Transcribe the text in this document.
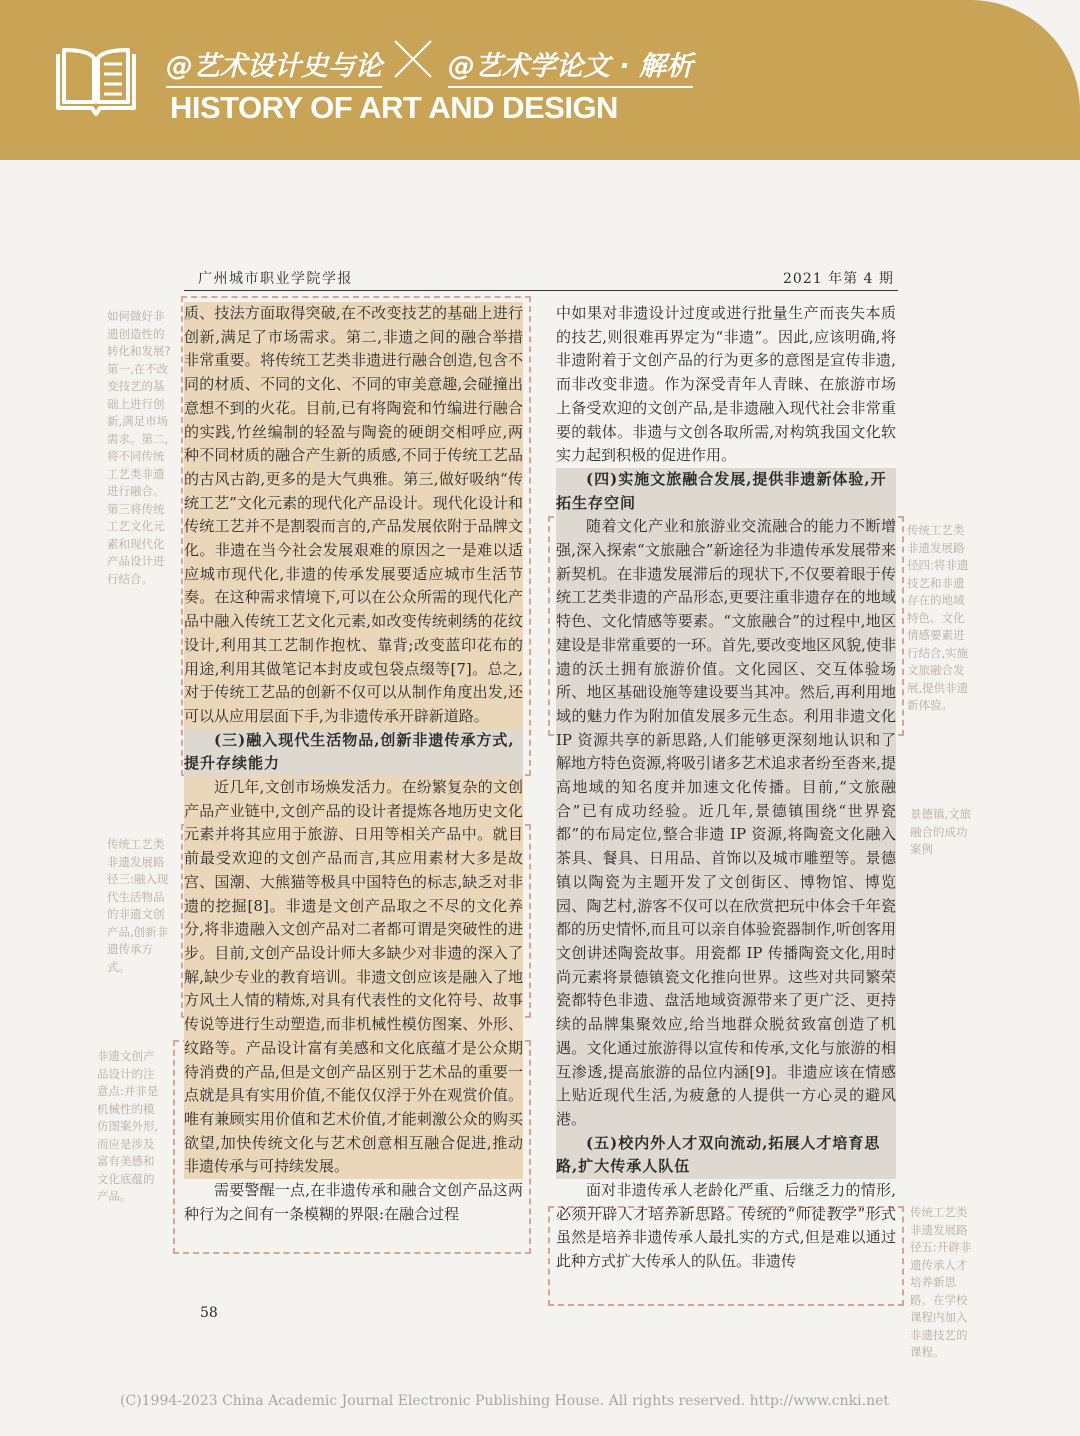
@艺术设计史与论 @艺术学论文 · 解析
HISTORY OF ART AND DESIGN
广州城市职业学院学报	2021 年第 4 期

质、技法方面取得突破,在不改变技艺的基础上进行创新,满足了市场需求。第二,非遗之间的融合举措非常重要。将传统工艺类非遗进行融合创造,包含不同的材质、不同的文化、不同的审美意趣,会碰撞出意想不到的火花。目前,已有将陶瓷和竹编进行融合的实践,竹丝编制的轻盈与陶瓷的硬朗交相呼应,两种不同材质的融合产生新的质感,不同于传统工艺品的古风古韵,更多的是大气典雅。第三,做好吸纳“传统工艺”文化元素的现代化产品设计。现代化设计和传统工艺并不是割裂而言的,产品发展依附于品牌文化。非遗在当今社会发展艰难的原因之一是难以适应城市现代化,非遗的传承发展要适应城市生活节奏。在这种需求情境下,可以在公众所需的现代化产品中融入传统工艺文化元素,如改变传统刺绣的花纹设计,利用其工艺制作抱枕、靠背;改变蓝印花布的用途,利用其做笔记本封皮或包袋点缀等[7]。总之,对于传统工艺品的创新不仅可以从制作角度出发,还可以从应用层面下手,为非遗传承开辟新道路。

(三)融入现代生活物品,创新非遗传承方式,提升存续能力

近几年,文创市场焕发活力。在纷繁复杂的文创产品产业链中,文创产品的设计者提炼各地历史文化元素并将其应用于旅游、日用等相关产品中。就目前最受欢迎的文创产品而言,其应用素材大多是故宫、国潮、大熊猫等极具中国特色的标志,缺乏对非遗的挖掘[8]。非遗是文创产品取之不尽的文化养分,将非遗融入文创产品对二者都可谓是突破性的进步。目前,文创产品设计师大多缺少对非遗的深入了解,缺少专业的教育培训。非遗文创应该是融入了地方风土人情的精炼,对具有代表性的文化符号、故事传说等进行生动塑造,而非机械性模仿图案、外形、纹路等。产品设计富有美感和文化底蕴才是公众期待消费的产品,但是文创产品区别于艺术品的重要一点就是具有实用价值,不能仅仅浮于外在观赏价值。唯有兼顾实用价值和艺术价值,才能刺激公众的购买欲望,加快传统文化与艺术创意相互融合促进,推动非遗传承与可持续发展。

需要警醒一点,在非遗传承和融合文创产品这两种行为之间有一条模糊的界限:在融合过程

中如果对非遗设计过度或进行批量生产而丧失本质的技艺,则很难再界定为“非遗”。因此,应该明确,将非遗附着于文创产品的行为更多的意图是宣传非遗,而非改变非遗。作为深受青年人青睐、在旅游市场上备受欢迎的文创产品,是非遗融入现代社会非常重要的载体。非遗与文创各取所需,对构筑我国文化软实力起到积极的促进作用。

(四)实施文旅融合发展,提供非遗新体验,开拓生存空间

随着文化产业和旅游业交流融合的能力不断增强,深入探索“文旅融合”新途径为非遗传承发展带来新契机。在非遗发展滞后的现状下,不仅要着眼于传统工艺类非遗的产品形态,更要注重非遗存在的地域特色、文化情感等要素。“文旅融合”的过程中,地区建设是非常重要的一环。首先,要改变地区风貌,使非遗的沃土拥有旅游价值。文化园区、交互体验场所、地区基础设施等建设要当其冲。然后,再利用地域的魅力作为附加值发展多元生态。利用非遗文化 IP 资源共享的新思路,人们能够更深刻地认识和了解地方特色资源,将吸引诸多艺术追求者纷至沓来,提高地域的知名度并加速文化传播。目前,“文旅融合”已有成功经验。近几年,景德镇围绕“世界瓷都”的布局定位,整合非遗 IP 资源,将陶瓷文化融入茶具、餐具、日用品、首饰以及城市雕塑等。景德镇以陶瓷为主题开发了文创街区、博物馆、博览园、陶艺村,游客不仅可以在欣赏把玩中体会千年瓷都的历史情怀,而且可以亲自体验瓷器制作,听创客用文创讲述陶瓷故事。用瓷都 IP 传播陶瓷文化,用时尚元素将景德镇瓷文化推向世界。这些对共同繁荣瓷都特色非遗、盘活地域资源带来了更广泛、更持续的品牌集聚效应,给当地群众脱贫致富创造了机遇。文化通过旅游得以宣传和传承,文化与旅游的相互渗透,提高旅游的品位内涵[9]。非遗应该在情感上贴近现代生活,为疲惫的人提供一方心灵的避风港。

(五)校内外人才双向流动,拓展人才培育思路,扩大传承人队伍

面对非遗传承人老龄化严重、后继乏力的情形,必须开辟人才培养新思路。传统的“师徒教学”形式虽然是培养非遗传承人最扎实的方式,但是难以通过此种方式扩大传承人的队伍。非遗传

如何做好非遗创造性的转化和发展?第一,在不改变技艺的基础上进行创新,满足市场需求。第二,将不同传统工艺类非遗进行融合。第三将传统工艺文化元素和现代化产品设计进行结合。
传统工艺类非遗发展路径三:融入现代生活物品的非遗文创产品,创新非遗传承方式。
非遗文创产品设计的注意点:并非是机械性的模仿图案外形,而应是涉及富有美感和文化底蕴的产品。
传统工艺类非遗发展路径四:将非遗技艺和非遗存在的地域特色、文化情感要素进行结合,实施文旅融合发展,提供非遗新体验。
景德镇,文旅融合的成功案例
传统工艺类非遗发展路径五:开辟非遗传承人才培养新思路。在学校课程内加入非遗技艺的课程。
58
(C)1994-2023 China Academic Journal Electronic Publishing House. All rights reserved. http://www.cnki.net
